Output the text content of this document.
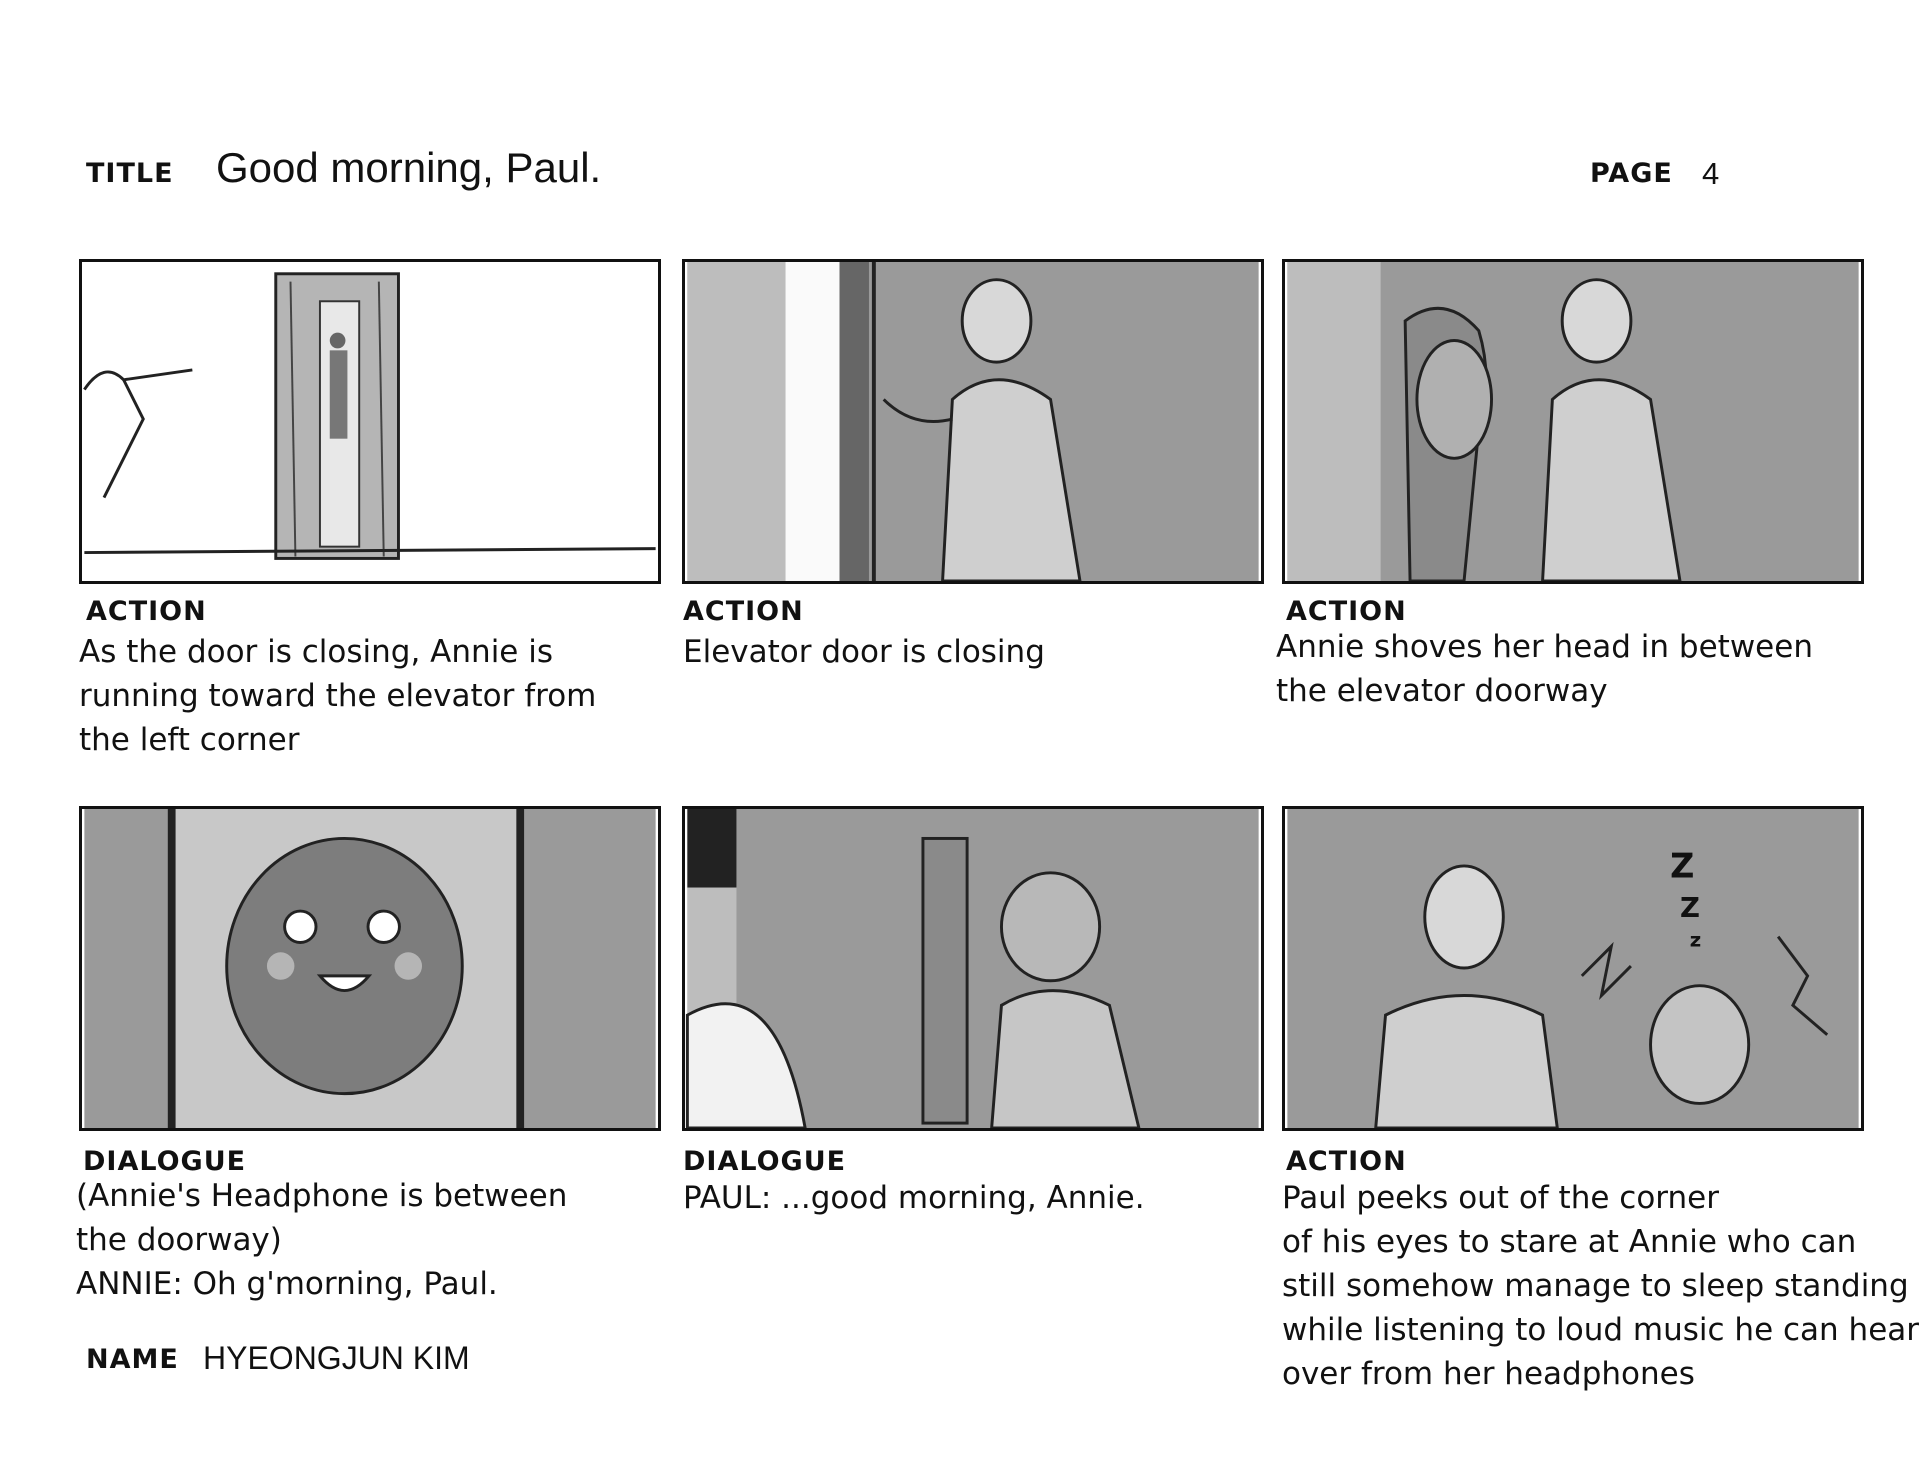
TITLE Good morning, Paul.	PAGE 4
ACTION
As the door is closing, Annie is
running toward the elevator from
the left corner
ACTION
Elevator door is closing
ACTION
Annie shoves her head in between
the elevator doorway
DIALOGUE
(Annie's Headphone is between
the doorway)
ANNIE: Oh g'morning, Paul.
DIALOGUE
PAUL: ...good morning, Annie.
Z
Z
z
ACTION
Paul peeks out of the corner
of his eyes to stare at Annie who can
still somehow manage to sleep standing
while listening to loud music he can hear
over from her headphones
NAME HYEONGJUN KIM
